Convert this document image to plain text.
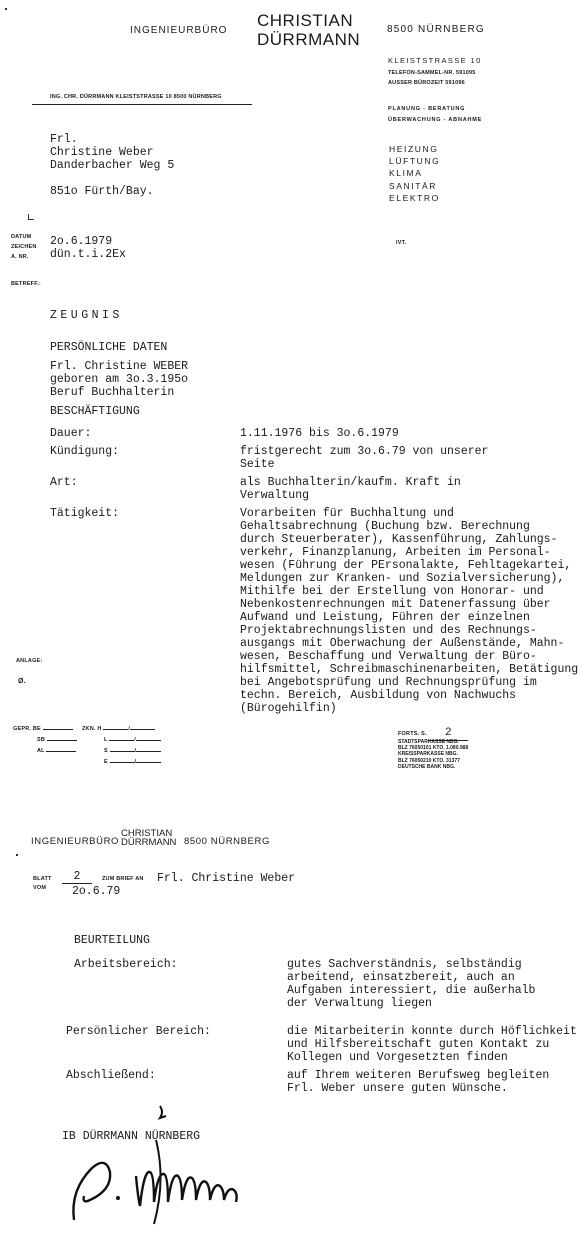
INGENIEURBÜRO
CHRISTIAN
DÜRRMANN
8500 NÜRNBERG
KLEISTSTRASSE 10
TELEFON-SAMMEL-NR. 591095
AUSSER BÜROZEIT 591096
PLANUNG - BERATUNG
ÜBERWACHUNG - ABNAHME
HEIZUNG
LÜFTUNG
KLIMA
SANITÄR
ELEKTRO
ING. CHR. DÜRRMANN KLEISTSTRASSE 10 8500 NÜRNBERG
Frl.
Christine Weber
Danderbacher Weg 5
851o Fürth/Bay.
DATUM
ZEICHEN
A. NR.
2o.6.1979
dün.t.i.2Ex
IVT.
BETREFF.:
ZEUGNIS
PERSÖNLICHE DATEN
Frl. Christine WEBER
geboren am 3o.3.195o
Beruf Buchhalterin
BESCHÄFTIGUNG
Dauer:	1.11.1976 bis 3o.6.1979
Kündigung:	fristgerecht zum 3o.6.79 von unserer
Seite
Art:	als Buchhalterin/kaufm. Kraft in
Verwaltung
Tätigkeit:	Vorarbeiten für Buchhaltung und
Gehaltsabrechnung (Buchung bzw. Berechnung
durch Steuerberater), Kassenführung, Zahlungs-
verkehr, Finanzplanung, Arbeiten im Personal-
wesen (Führung der PErsonalakte, Fehltagekartei,
Meldungen zur Kranken- und Sozialversicherung),
Mithilfe bei der Erstellung von Honorar- und
Nebenkostenrechnungen mit Datenerfassung über
Aufwand und Leistung, Führen der einzelnen
Projektabrechnungslisten und des Rechnungs-
ausgangs mit Oberwachung der Außenstände, Mahn-
wesen, Beschaffung und Verwaltung der Büro-
hilfsmittel, Schreibmaschinenarbeiten, Betätigung
bei Angebotsprüfung und Rechnungsprüfung im
techn. Bereich, Ausbildung von Nachwuchs
(Bürogehilfin)
ANLAGE:
Ø.
GEPR. BE
SB
AL
ZKN. H	/
L	/
S	/
E	/
FORTS. S. 2
STADTSPARKASSE NBG.
BLZ 76050101 KTO. 1.080.988
KREISSPARKASSE NBG.
BLZ 76050210 KTO. 31377
DEUTSCHE BANK NBG.
INGENIEURBÜRO
CHRISTIAN
DÜRRMANN 8500 NÜRNBERG
BLATT
VOM
2	ZUM BRIEF AN Frl. Christine Weber
2o.6.79
BEURTEILUNG
Arbeitsbereich:	gutes Sachverständnis, selbständig
arbeitend, einsatzbereit, auch an
Aufgaben interessiert, die außerhalb
der Verwaltung liegen
Persönlicher Bereich:	die Mitarbeiterin konnte durch Höflichkeit
und Hilfsbereitschaft guten Kontakt zu
Kollegen und Vorgesetzten finden
Abschließend:	auf Ihrem weiteren Berufsweg begleiten
Frl. Weber unsere guten Wünsche.
IB DÜRRMANN NÜRNBERG
